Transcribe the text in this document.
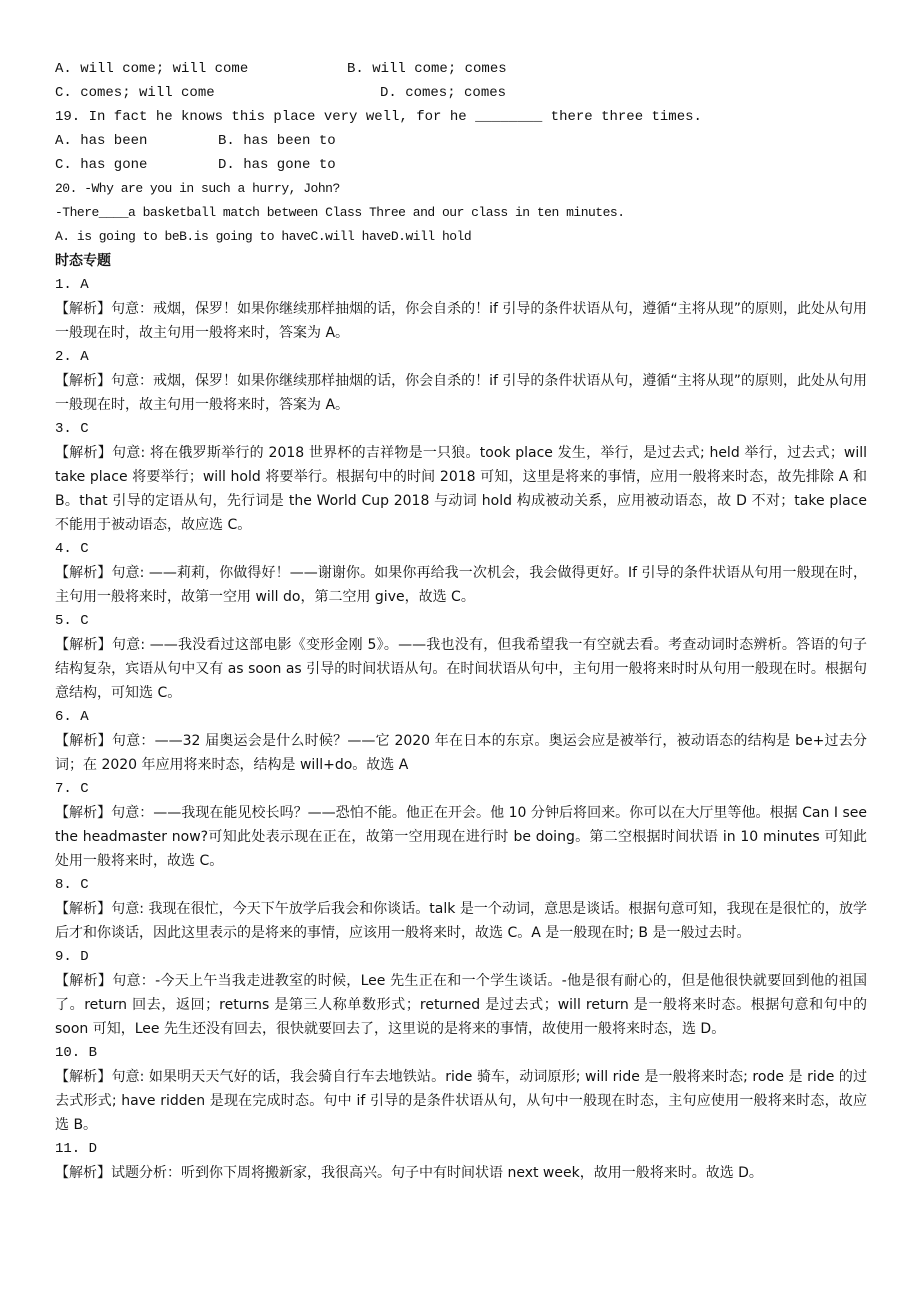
A. will come; will come	B. will come; comes
C. comes; will come	D. comes; comes
19. In fact he knows this place very well, for he ________ there three times.
A. has been	B. has been to
C. has gone	D. has gone to
20. -Why are you in such a hurry, John?
-There____a basketball match between Class Three and our class in ten minutes.
A. is going to beB.is going to haveC.will haveD.will hold
时态专题
1. A
【解析】句意：戒烟，保罗！如果你继续那样抽烟的话，你会自杀的！if 引导的条件状语从句，遵循“主将从现”的原则，此处从句用一般现在时，故主句用一般将来时，答案为 A。
2. A
【解析】句意：戒烟，保罗！如果你继续那样抽烟的话，你会自杀的！if 引导的条件状语从句，遵循“主将从现”的原则，此处从句用一般现在时，故主句用一般将来时，答案为 A。
3. C
【解析】句意: 将在俄罗斯举行的 2018 世界杯的吉祥物是一只狼。took place 发生，举行，是过去式; held 举行，过去式；will take place 将要举行；will hold 将要举行。根据句中的时间 2018 可知，这里是将来的事情，应用一般将来时态，故先排除 A 和 B。that 引导的定语从句，先行词是 the World Cup 2018 与动词 hold 构成被动关系，应用被动语态，故 D 不对；take place 不能用于被动语态，故应选 C。
4. C
【解析】句意: ——莉莉，你做得好！——谢谢你。如果你再给我一次机会，我会做得更好。If 引导的条件状语从句用一般现在时，主句用一般将来时，故第一空用 will do，第二空用 give，故选 C。
5. C
【解析】句意: ——我没看过这部电影《变形金刚 5》。——我也没有，但我希望我一有空就去看。考查动词时态辨析。答语的句子结构复杂，宾语从句中又有 as soon as 引导的时间状语从句。在时间状语从句中，主句用一般将来时时从句用一般现在时。根据句意结构，可知选 C。
6. A
【解析】句意：——32 届奥运会是什么时候？——它 2020 年在日本的东京。奥运会应是被举行，被动语态的结构是 be+过去分词；在 2020 年应用将来时态，结构是 will+do。故选 A
7. C
【解析】句意：——我现在能见校长吗？——恐怕不能。他正在开会。他 10 分钟后将回来。你可以在大厅里等他。根据 Can I see the headmaster now?可知此处表示现在正在，故第一空用现在进行时 be doing。第二空根据时间状语 in 10 minutes 可知此处用一般将来时，故选 C。
8. C
【解析】句意: 我现在很忙，今天下午放学后我会和你谈话。talk 是一个动词，意思是谈话。根据句意可知，我现在是很忙的，放学后才和你谈话，因此这里表示的是将来的事情，应该用一般将来时，故选 C。A 是一般现在时; B 是一般过去时。
9. D
【解析】句意：-今天上午当我走进教室的时候，Lee 先生正在和一个学生谈话。-他是很有耐心的，但是他很快就要回到他的祖国了。return 回去，返回；returns 是第三人称单数形式；returned 是过去式；will return 是一般将来时态。根据句意和句中的 soon 可知，Lee 先生还没有回去，很快就要回去了，这里说的是将来的事情，故使用一般将来时态，选 D。
10. B
【解析】句意: 如果明天天气好的话，我会骑自行车去地铁站。ride 骑车，动词原形; will ride 是一般将来时态; rode 是 ride 的过去式形式; have ridden 是现在完成时态。句中 if 引导的是条件状语从句，从句中一般现在时态，主句应使用一般将来时态，故应选 B。
11. D
【解析】试题分析：听到你下周将搬新家，我很高兴。句子中有时间状语 next week，故用一般将来时。故选 D。
